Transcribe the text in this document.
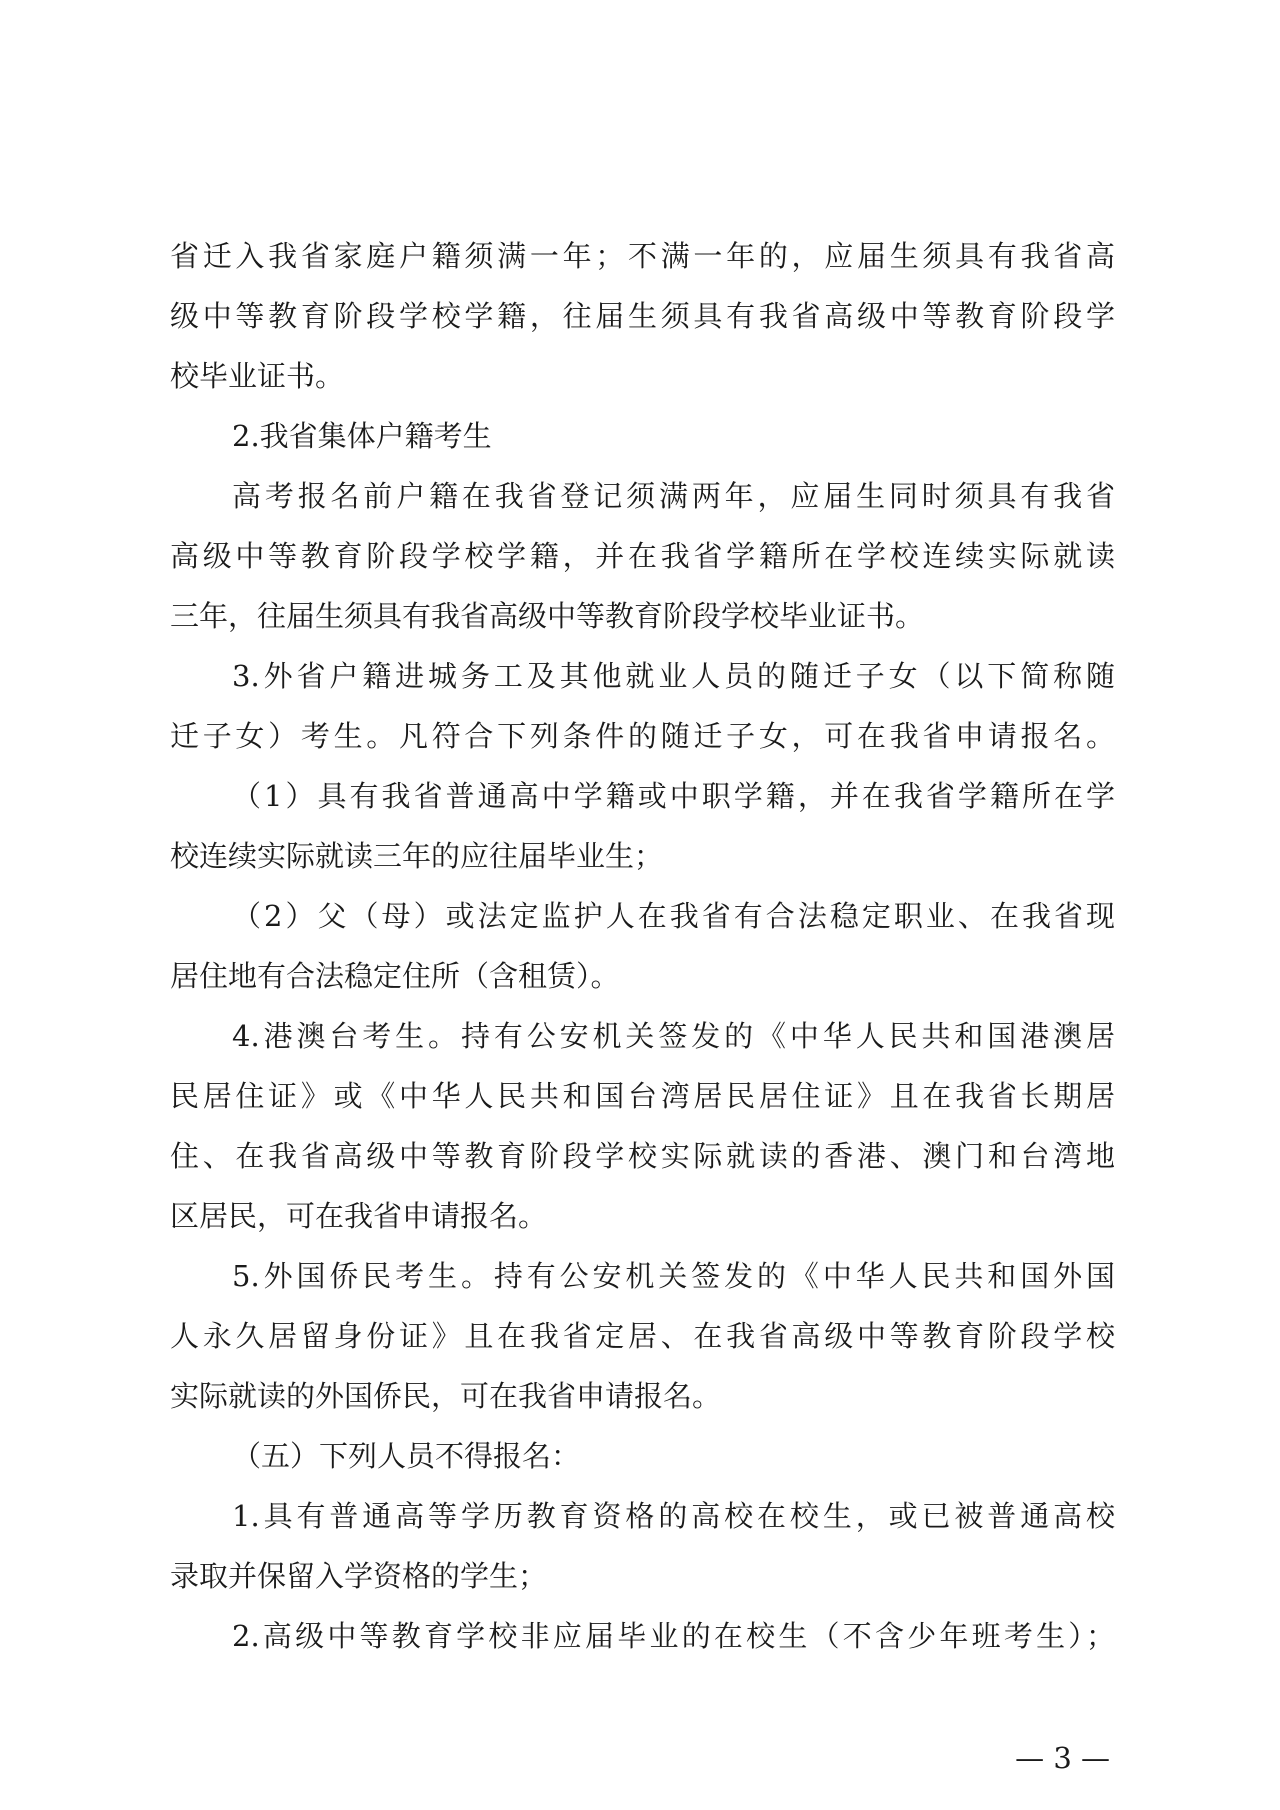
省迁入我省家庭户籍须满一年；不满一年的，应届生须具有我省高
级中等教育阶段学校学籍，往届生须具有我省高级中等教育阶段学
校毕业证书。
2.我省集体户籍考生
高考报名前户籍在我省登记须满两年，应届生同时须具有我省
高级中等教育阶段学校学籍，并在我省学籍所在学校连续实际就读
三年，往届生须具有我省高级中等教育阶段学校毕业证书。
3.外省户籍进城务工及其他就业人员的随迁子女（以下简称随
迁子女）考生。凡符合下列条件的随迁子女，可在我省申请报名。
（1）具有我省普通高中学籍或中职学籍，并在我省学籍所在学
校连续实际就读三年的应往届毕业生；
（2）父（母）或法定监护人在我省有合法稳定职业、在我省现
居住地有合法稳定住所（含租赁）。
4.港澳台考生。持有公安机关签发的《中华人民共和国港澳居
民居住证》或《中华人民共和国台湾居民居住证》且在我省长期居
住、在我省高级中等教育阶段学校实际就读的香港、澳门和台湾地
区居民，可在我省申请报名。
5.外国侨民考生。持有公安机关签发的《中华人民共和国外国
人永久居留身份证》且在我省定居、在我省高级中等教育阶段学校
实际就读的外国侨民，可在我省申请报名。
（五）下列人员不得报名：
1.具有普通高等学历教育资格的高校在校生，或已被普通高校
录取并保留入学资格的学生；
2.高级中等教育学校非应届毕业的在校生（不含少年班考生）；
— 3 —
